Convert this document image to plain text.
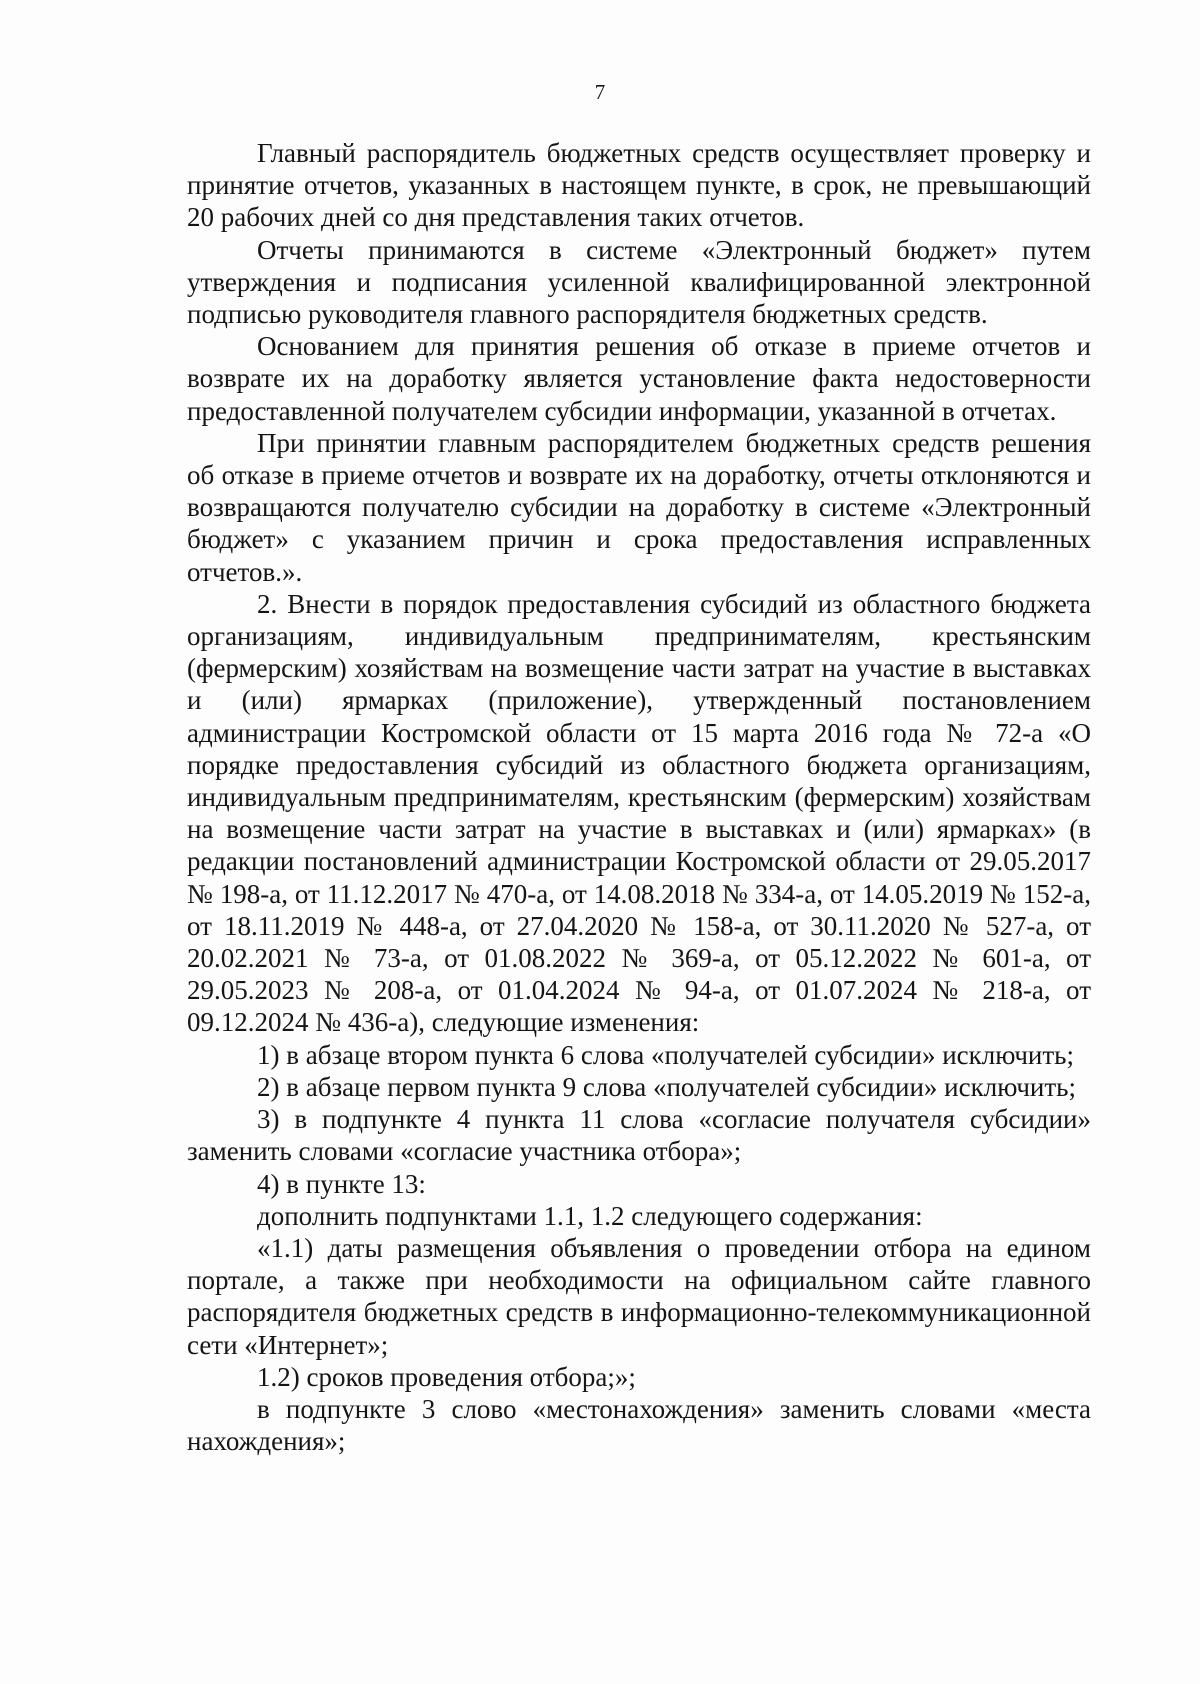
7

Главный распорядитель бюджетных средств осуществляет проверку и принятие отчетов, указанных в настоящем пункте, в срок, не превышающий 20 рабочих дней со дня представления таких отчетов.

Отчеты принимаются в системе «Электронный бюджет» путем утверждения и подписания усиленной квалифицированной электронной подписью руководителя главного распорядителя бюджетных средств.

Основанием для принятия решения об отказе в приеме отчетов и возврате их на доработку является установление факта недостоверности предоставленной получателем субсидии информации, указанной в отчетах.

При принятии главным распорядителем бюджетных средств решения об отказе в приеме отчетов и возврате их на доработку, отчеты отклоняются и возвращаются получателю субсидии на доработку в системе «Электронный бюджет» с указанием причин и срока предоставления исправленных отчетов.».

2. Внести в порядок предоставления субсидий из областного бюджета организациям, индивидуальным предпринимателям, крестьянским (фермерским) хозяйствам на возмещение части затрат на участие в выставках и (или) ярмарках (приложение), утвержденный постановлением администрации Костромской области от 15 марта 2016 года № 72-а «О порядке предоставления субсидий из областного бюджета организациям, индивидуальным предпринимателям, крестьянским (фермерским) хозяйствам на возмещение части затрат на участие в выставках и (или) ярмарках» (в редакции постановлений администрации Костромской области от 29.05.2017 № 198-а, от 11.12.2017 № 470-а, от 14.08.2018 № 334-а, от 14.05.2019 № 152-а, от 18.11.2019 № 448-а, от 27.04.2020 № 158-а, от 30.11.2020 № 527-а, от 20.02.2021 № 73-а, от 01.08.2022 № 369-а, от 05.12.2022 № 601-а, от 29.05.2023 № 208-а, от 01.04.2024 № 94-а, от 01.07.2024 № 218-а, от 09.12.2024 № 436-а), следующие изменения:

1) в абзаце втором пункта 6 слова «получателей субсидии» исключить;

2) в абзаце первом пункта 9 слова «получателей субсидии» исключить;

3) в подпункте 4 пункта 11 слова «согласие получателя субсидии» заменить словами «согласие участника отбора»;

4) в пункте 13:

дополнить подпунктами 1.1, 1.2 следующего содержания:

«1.1) даты размещения объявления о проведении отбора на едином портале, а также при необходимости на официальном сайте главного распорядителя бюджетных средств в информационно-телекоммуникационной сети «Интернет»;

1.2) сроков проведения отбора;»;

в подпункте 3 слово «местонахождения» заменить словами «места нахождения»;
